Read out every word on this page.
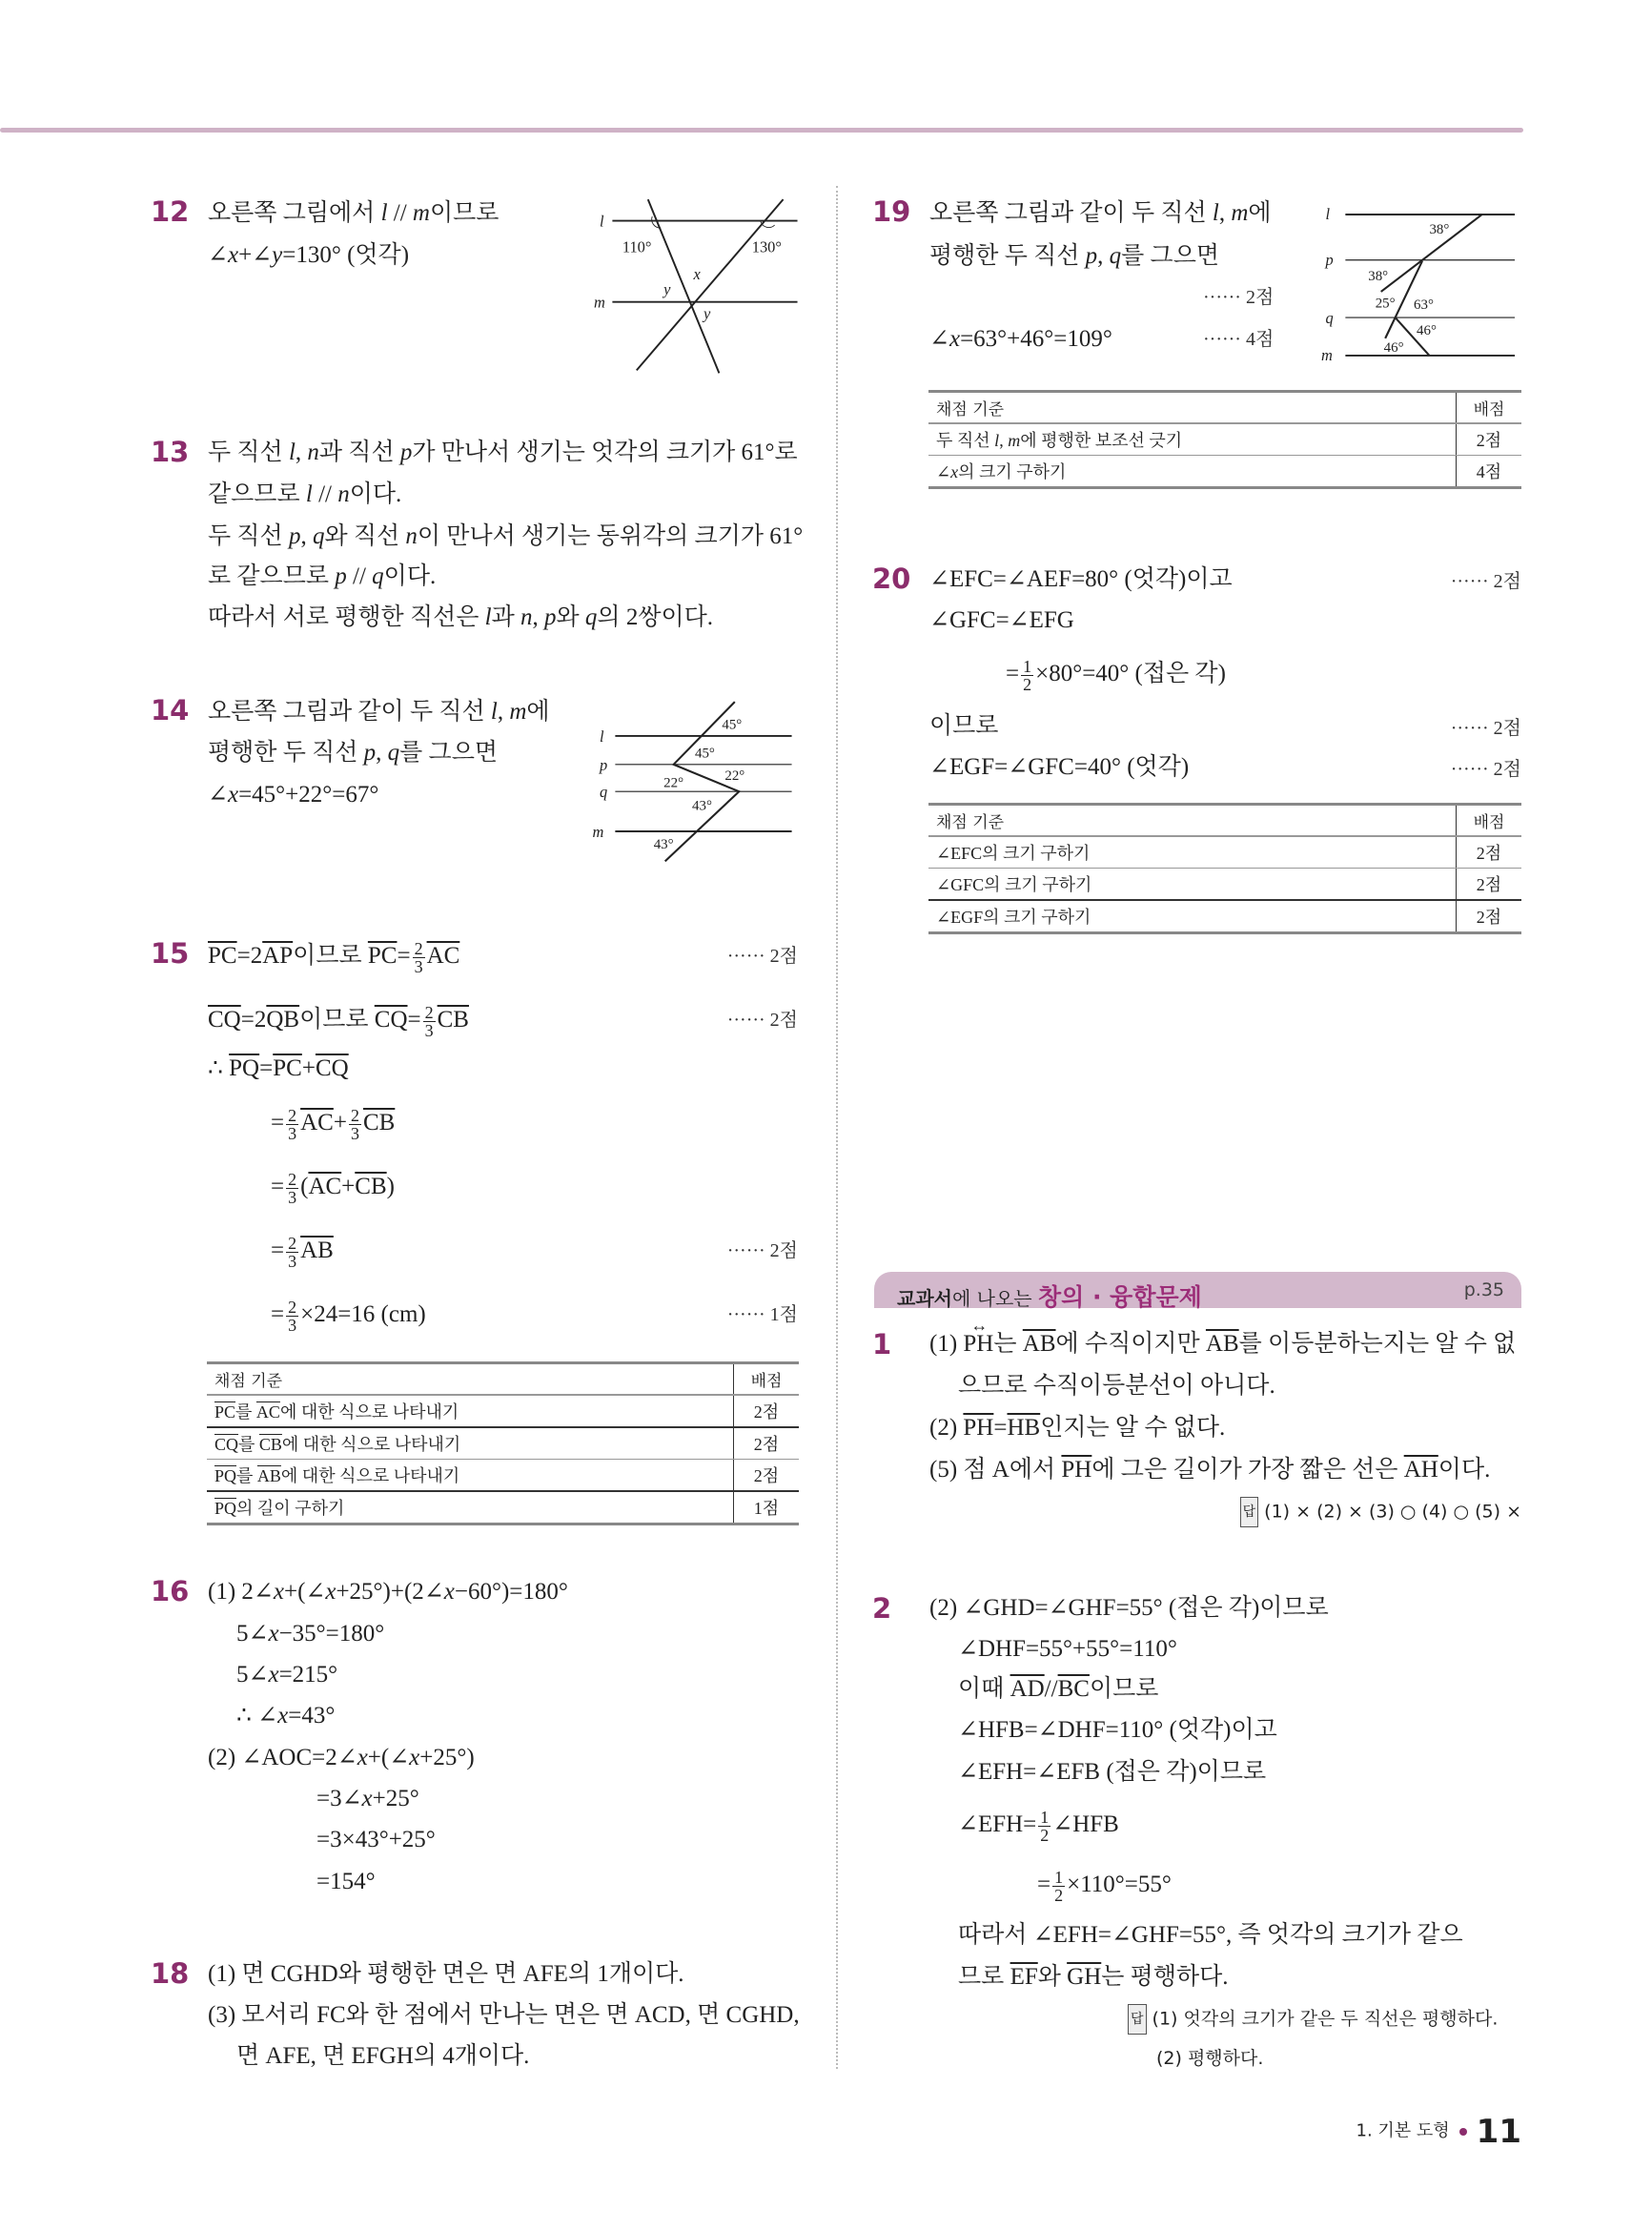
12 오른쪽 그림에서 l // m이므로
∠x+∠y=130° (엇각)
l
m
x
y
y
110°	130°
13 두 직선 l, n과 직선 p가 만나서 생기는 엇각의 크기가 61°로
같으므로 l // n이다.
두 직선 p, q와 직선 n이 만나서 생기는 동위각의 크기가 61°
로 같으므로 p // q이다.
따라서 서로 평행한 직선은 l과 n, p와 q의 2쌍이다.
14 오른쪽 그림과 같이 두 직선 l, m에
평행한 두 직선 p, q를 그으면
∠x=45°+22°=67°
l
p
q
m
45°
45°
22°
22°
43°
43°
15 $\overline{PC}=2\overline{AP}$이므로 $\overline{PC}= \frac{2}{3} \overline{AC}$
$\overline{CQ}=2\overline{QB}$이므로 $\overline{CQ}= \frac{2}{3} \overline{CB}$
∴ $\overline{PQ}=\overline{PC}+\overline{CQ}$
= $\frac{2}{3} \overline{AC}+ \frac{2}{3} \overline{CB}$
= $\frac{2}{3} (\overline{AC}+\overline{CB})$
= $\frac{2}{3} \overline{AB}$
= $\frac{2}{3} \times 24=16$ (cm)
······ 2점
······ 2점
······ 2점
······ 1점
채점 기준	배점
$\overline{PC}$를 $\overline{AC}$에 대한 식으로 나타내기	2점
$\overline{CQ}$를 $\overline{CB}$에 대한 식으로 나타내기	2점
$\overline{PQ}$를 $\overline{AB}$에 대한 식으로 나타내기	2점
$\overline{PQ}$의 길이 구하기	1점
16 (1) 2∠x+(∠x+25°)+(2∠x−60°)=180°
5∠x−35°=180°
5∠x=215°
∴ ∠x=43°
(2) ∠AOC=2∠x+(∠x+25°)
=3∠x+25°
=3×43°+25°
=154°
18 (1) 면 CGHD와 평행한 면은 면 AFE의 1개이다.
(3) 모서리 FC와 한 점에서 만나는 면은 면 ACD, 면 CGHD,
면 AFE, 면 EFGH의 4개이다.
19 오른쪽 그림과 같이 두 직선 l, m에
평행한 두 직선 p, q를 그으면
······ 2점
∠x=63°+46°=109°	······ 4점
l
p
q
m
38°
38°
25° 63°
46°
46°
채점 기준	배점
두 직선 l, m에 평행한 보조선 긋기	2점
∠x의 크기 구하기	4점
20 ∠EFC=∠AEF=80° (엇각)이고	······ 2점
∠GFC=∠EFG
= $\frac{1}{2} \times 80^\circ=40^\circ$ (접은 각)
이므로	······ 2점
∠EGF=∠GFC=40° (엇각)	······ 2점
채점 기준	배점
∠EFC의 크기 구하기	2점
∠GFC의 크기 구하기	2점
∠EGF의 크기 구하기	2점
교과서에 나오는 창의 · 융합문제	p.35
1 (1) ↔ PH는 $\overline{AB}$에 수직이지만 $\overline{AB}$를 이등분하는지는 알 수 없
으므로 수직이등분선이 아니다.
(2) $\overline{PH}=\overline{HB}$인지는 알 수 없다.
(5) 점 A에서 $\overline{PH}$에 그은 길이가 가장 짧은 선은 $\overline{AH}$이다.
답 (1) × (2) × (3) ○ (4) ○ (5) ×
2 (2) ∠GHD=∠GHF=55° (접은 각)이므로
∠DHF=55°+55°=110°
이때 $\overline{AD}//\overline{BC}$이므로
∠HFB=∠DHF=110° (엇각)이고
∠EFH=∠EFB (접은 각)이므로
∠EFH= $\frac{1}{2}$ ∠HFB
= $\frac{1}{2} \times 110^\circ=55^\circ$
따라서 ∠EFH=∠GHF=55°, 즉 엇각의 크기가 같으
므로 $\overline{EF}$와 $\overline{GH}$는 평행하다.
답 (1) 엇각의 크기가 같은 두 직선은 평행하다.
(2) 평행하다.
1. 기본 도형 11
